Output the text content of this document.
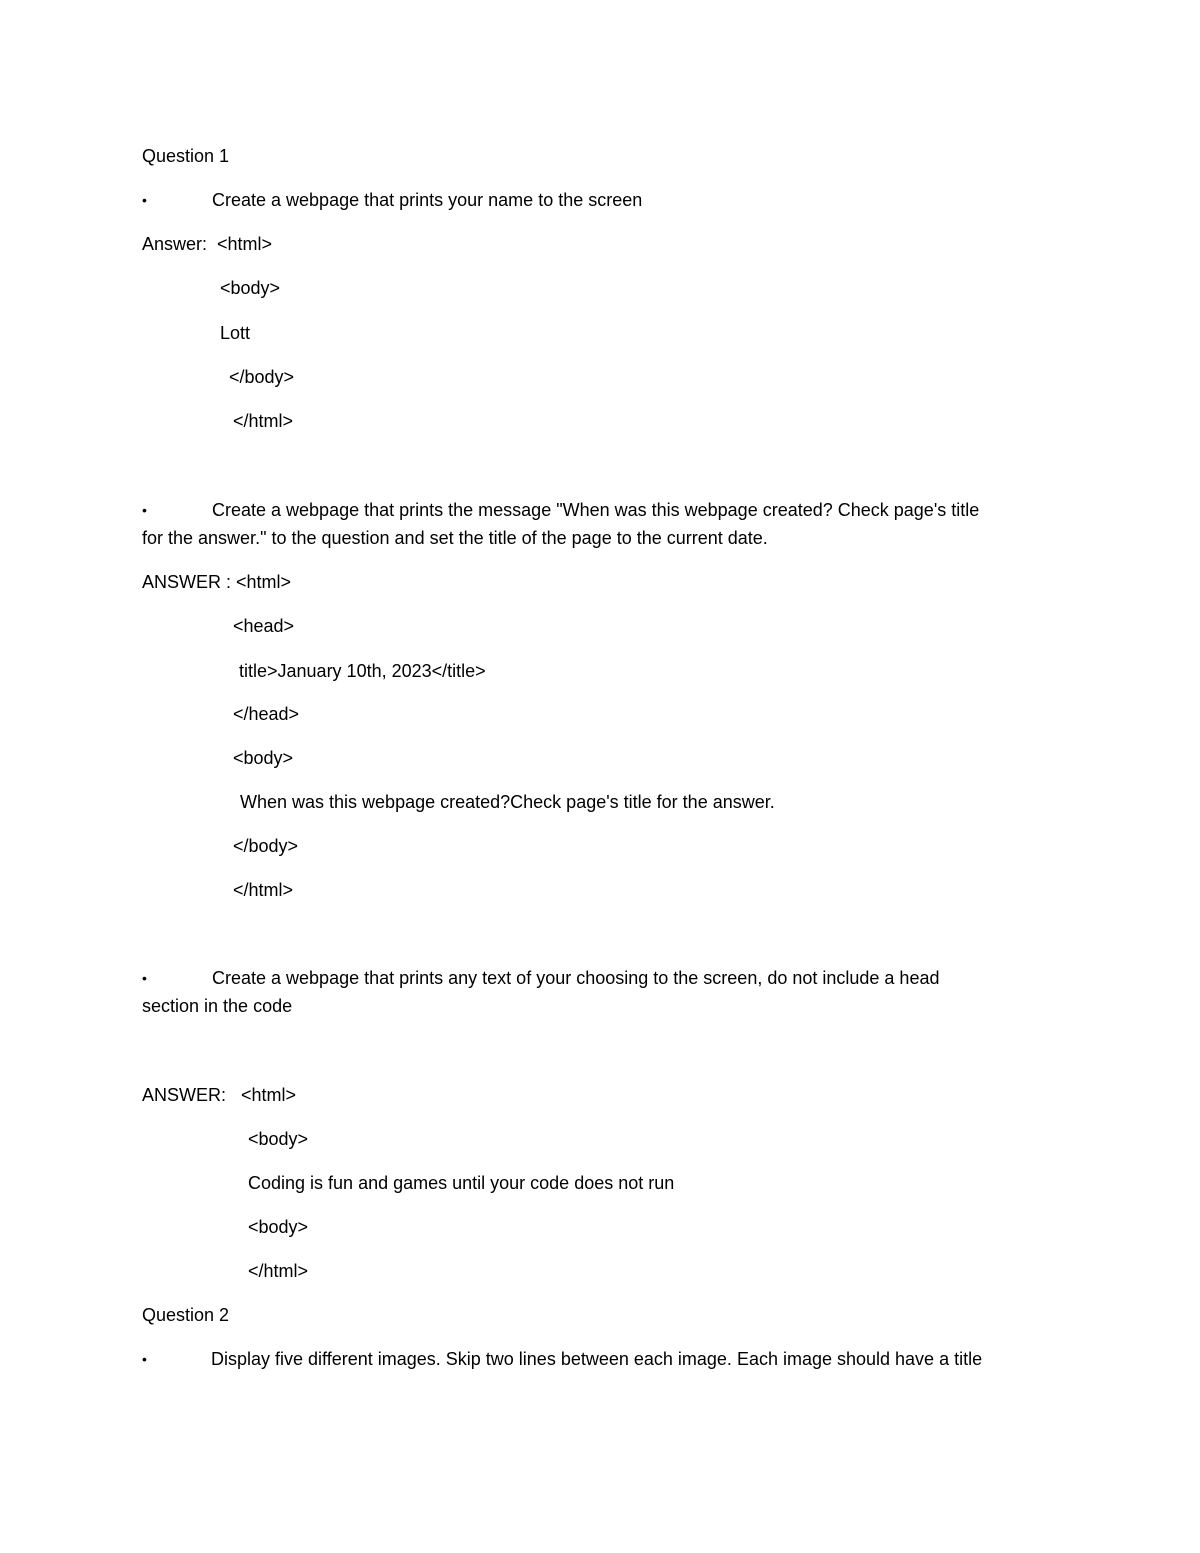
Question 1
•	Create a webpage that prints your name to the screen
Answer:  <html>
<body>
Lott
</body>
</html>
•	Create a webpage that prints the message "When was this webpage created? Check page's title
for the answer." to the question and set the title of the page to the current date.
ANSWER : <html>
<head>
title>January 10th, 2023</title>
</head>
<body>
When was this webpage created?Check page's title for the answer.
</body>
</html>
•	Create a webpage that prints any text of your choosing to the screen, do not include a head
section in the code
ANSWER:   <html>
<body>
Coding is fun and games until your code does not run
<body>
</html>
Question 2
•	Display five different images. Skip two lines between each image. Each image should have a title
